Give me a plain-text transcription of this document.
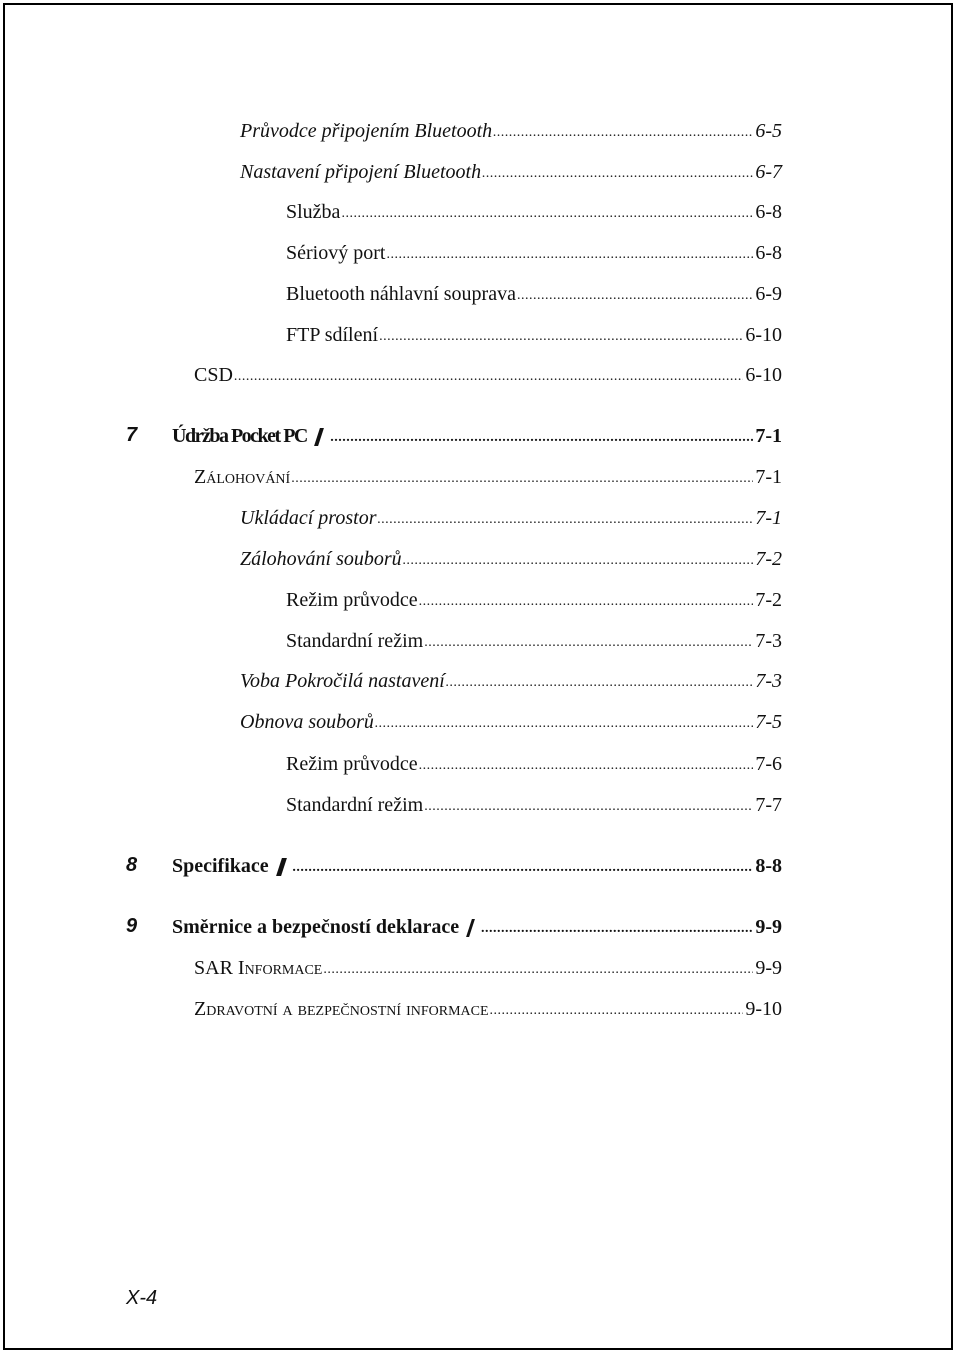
Průvodce připojením Bluetooth .....	6-5
Nastavení připojení Bluetooth .....	6-7
Služba .....	6-8
Sériový port .....	6-8
Bluetooth náhlavní souprava .....	6-9
FTP sdílení .....	6-10
CSD .....	6-10
7 Údržba Pocket PC .....	7-1
Zálohování .....	7-1
Ukládací prostor .....	7-1
Zálohování souborů .....	7-2
Režim průvodce .....	7-2
Standardní režim .....	7-3
Voba Pokročilá nastavení .....	7-3
Obnova souborů .....	7-5
Režim průvodce .....	7-6
Standardní režim .....	7-7
8 Specifikace .....	8-8
9 Směrnice a bezpečností deklarace .....	9-9
SAR Informace .....	9-9
Zdravotní a bezpečnostní informace .....	9-10
X-4
